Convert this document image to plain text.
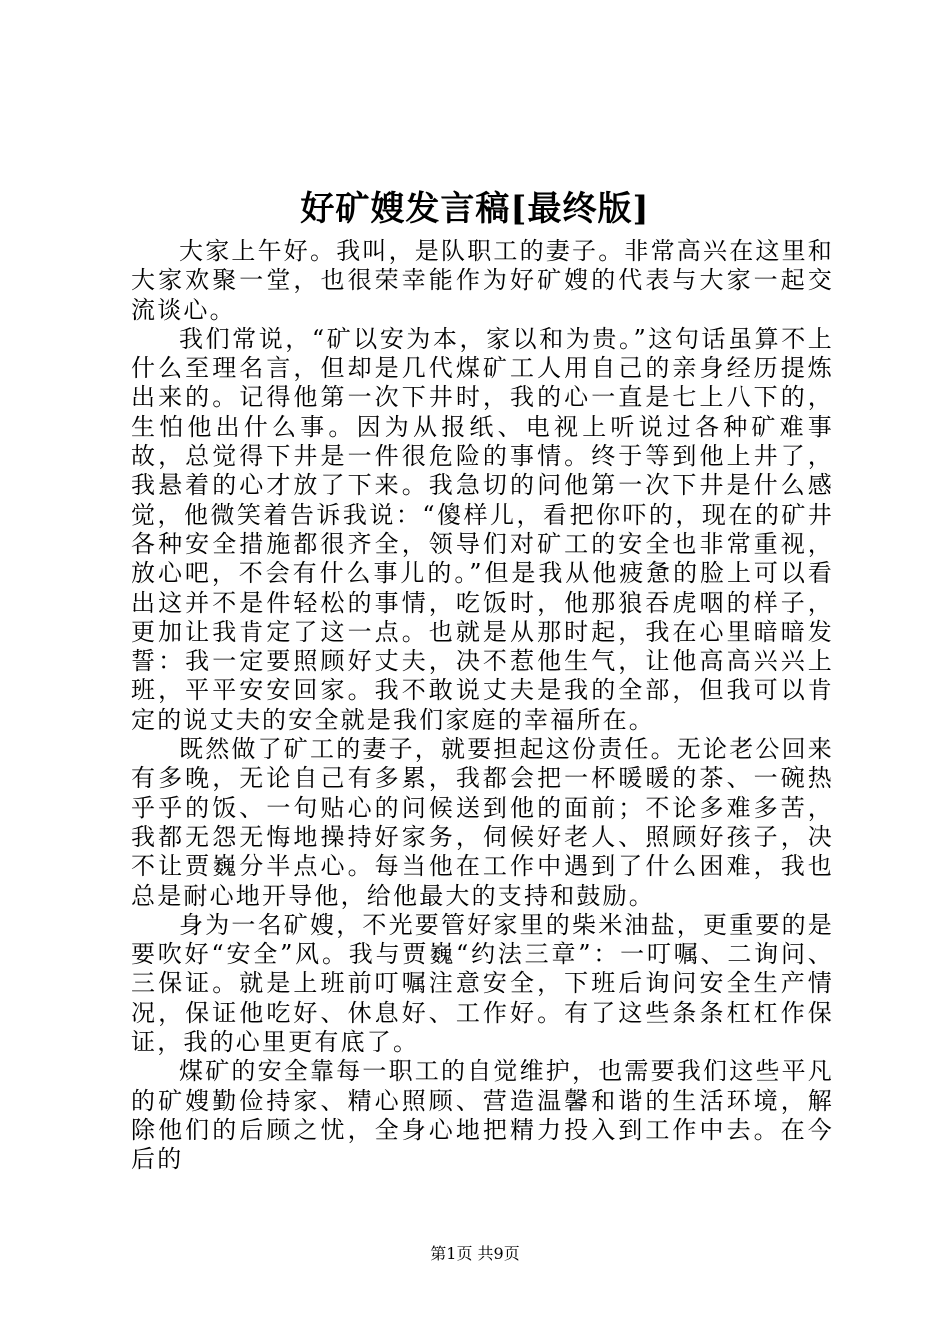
好矿嫂发言稿[最终版]

大家上午好。我叫，是队职工的妻子。非常高兴在这里和大家欢聚一堂，也很荣幸能作为好矿嫂的代表与大家一起交流谈心。

我们常说，“矿以安为本，家以和为贵。”这句话虽算不上什么至理名言，但却是几代煤矿工人用自己的亲身经历提炼出来的。记得他第一次下井时，我的心一直是七上八下的，生怕他出什么事。因为从报纸、电视上听说过各种矿难事故，总觉得下井是一件很危险的事情。终于等到他上井了，我悬着的心才放了下来。我急切的问他第一次下井是什么感觉，他微笑着告诉我说：“傻样儿，看把你吓的，现在的矿井各种安全措施都很齐全，领导们对矿工的安全也非常重视，放心吧，不会有什么事儿的。”但是我从他疲惫的脸上可以看出这并不是件轻松的事情，吃饭时，他那狼吞虎咽的样子，更加让我肯定了这一点。也就是从那时起，我在心里暗暗发誓：我一定要照顾好丈夫，决不惹他生气，让他高高兴兴上班，平平安安回家。我不敢说丈夫是我的全部，但我可以肯定的说丈夫的安全就是我们家庭的幸福所在。

既然做了矿工的妻子，就要担起这份责任。无论老公回来有多晚，无论自己有多累，我都会把一杯暖暖的茶、一碗热乎乎的饭、一句贴心的问候送到他的面前；不论多难多苦，我都无怨无悔地操持好家务，伺候好老人、照顾好孩子，决不让贾巍分半点心。每当他在工作中遇到了什么困难，我也总是耐心地开导他，给他最大的支持和鼓励。

身为一名矿嫂，不光要管好家里的柴米油盐，更重要的是要吹好“安全”风。我与贾巍“约法三章”：一叮嘱、二询问、三保证。就是上班前叮嘱注意安全，下班后询问安全生产情况，保证他吃好、休息好、工作好。有了这些条条杠杠作保证，我的心里更有底了。

煤矿的安全靠每一职工的自觉维护，也需要我们这些平凡的矿嫂勤俭持家、精心照顾、营造温馨和谐的生活环境，解除他们的后顾之忧，全身心地把精力投入到工作中去。在今后的

第1页 共9页
